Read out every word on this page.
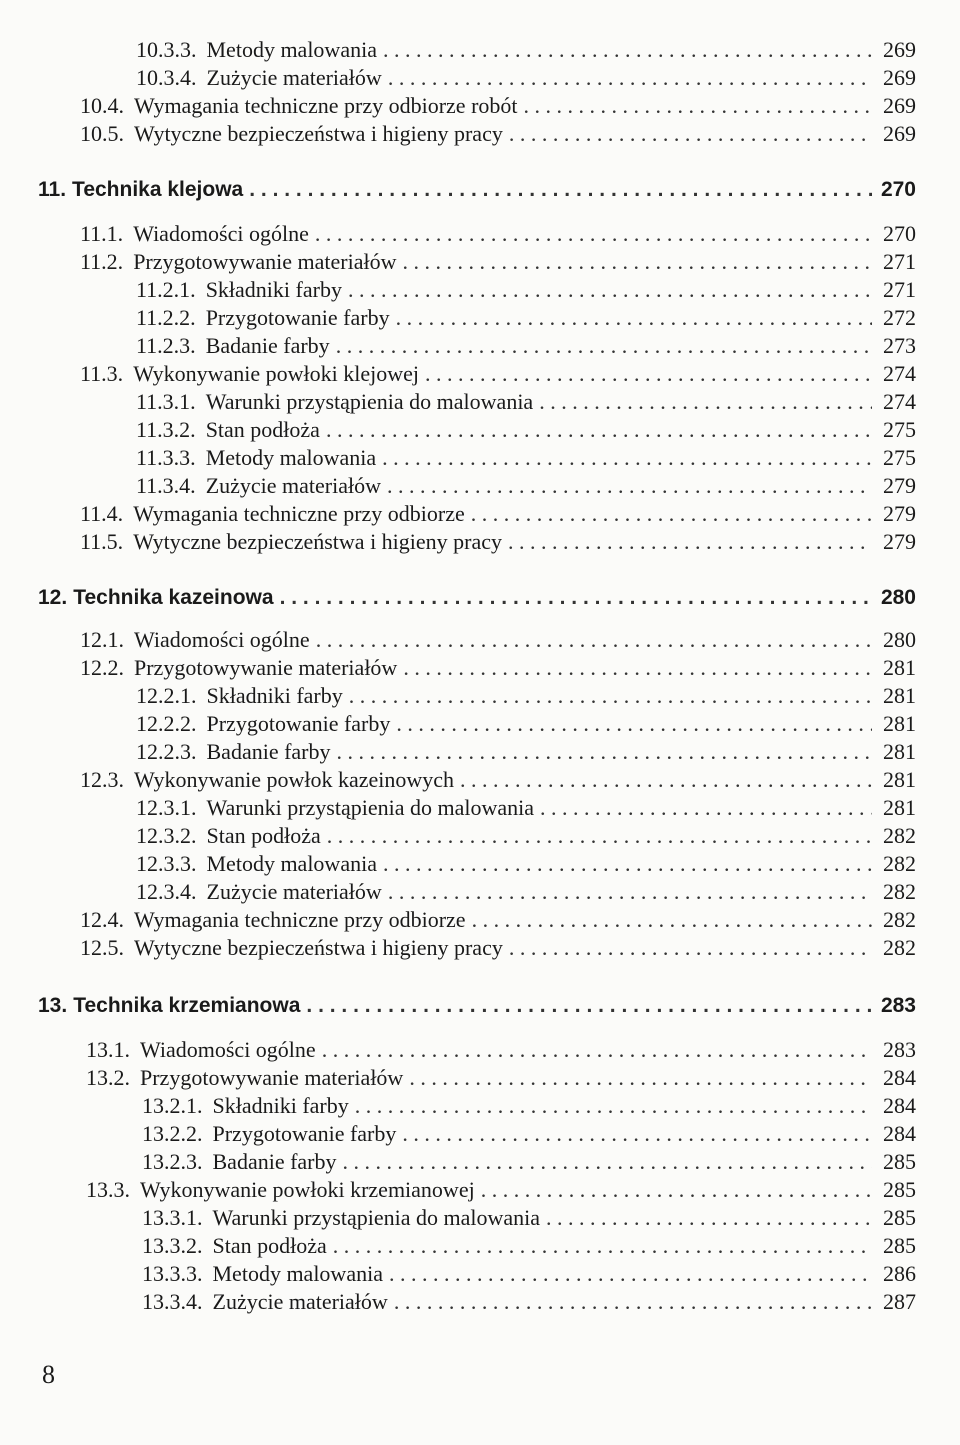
10.3.3. Metody malowania . . .	269
10.3.4. Zużycie materiałów . . .	269
10.4. Wymagania techniczne przy odbiorze robót . . .	269
10.5. Wytyczne bezpieczeństwa i higieny pracy . . .	269
11. Technika klejowa . . .	270
11.1. Wiadomości ogólne . . .	270
11.2. Przygotowywanie materiałów . . .	271
11.2.1. Składniki farby . . .	271
11.2.2. Przygotowanie farby . . .	272
11.2.3. Badanie farby . . .	273
11.3. Wykonywanie powłoki klejowej . . .	274
11.3.1. Warunki przystąpienia do malowania . . .	274
11.3.2. Stan podłoża . . .	275
11.3.3. Metody malowania . . .	275
11.3.4. Zużycie materiałów . . .	279
11.4. Wymagania techniczne przy odbiorze . . .	279
11.5. Wytyczne bezpieczeństwa i higieny pracy . . .	279
12. Technika kazeinowa . . .	280
12.1. Wiadomości ogólne . . .	280
12.2. Przygotowywanie materiałów . . .	281
12.2.1. Składniki farby . . .	281
12.2.2. Przygotowanie farby . . .	281
12.2.3. Badanie farby . . .	281
12.3. Wykonywanie powłok kazeinowych . . .	281
12.3.1. Warunki przystąpienia do malowania . . .	281
12.3.2. Stan podłoża . . .	282
12.3.3. Metody malowania . . .	282
12.3.4. Zużycie materiałów . . .	282
12.4. Wymagania techniczne przy odbiorze . . .	282
12.5. Wytyczne bezpieczeństwa i higieny pracy . . .	282
13. Technika krzemianowa . . .	283
13.1. Wiadomości ogólne . . .	283
13.2. Przygotowywanie materiałów . . .	284
13.2.1. Składniki farby . . .	284
13.2.2. Przygotowanie farby . . .	284
13.2.3. Badanie farby . . .	285
13.3. Wykonywanie powłoki krzemianowej . . .	285
13.3.1. Warunki przystąpienia do malowania . . .	285
13.3.2. Stan podłoża . . .	285
13.3.3. Metody malowania . . .	286
13.3.4. Zużycie materiałów . . .	287
8
